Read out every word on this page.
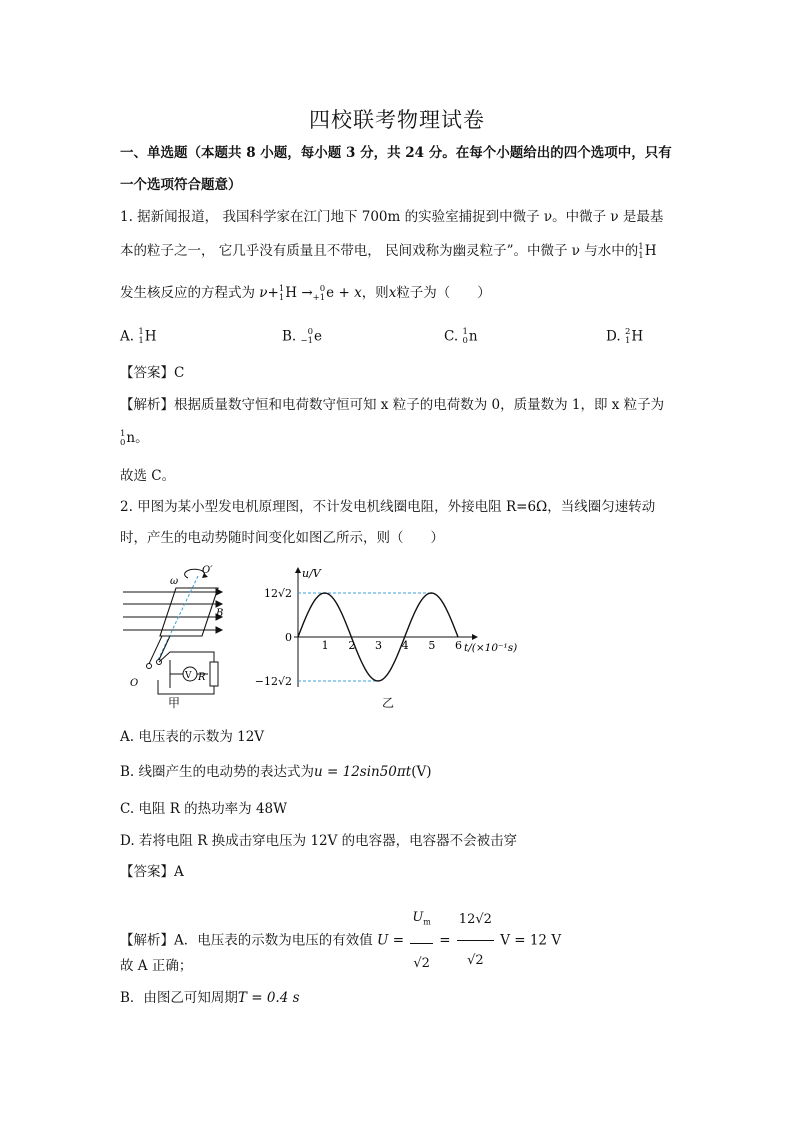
四校联考物理试卷
一、单选题（本题共 8 小题，每小题 3 分，共 24 分。在每个小题给出的四个选项中，只有
一个选项符合题意）
1. 据新闻报道， 我国科学家在江门地下 700m 的实验室捕捉到中微子 ν。中微子 ν 是最基
本的粒子之一， 它几乎没有质量且不带电， 民间戏称为幽灵粒子”。中微子 ν 与水中的 1
1 H
发生核反应的方程式为 ν+ 1
1 H → 0
+1 e + x，则x粒子为（　　）
A. 1
1 H	B.	0
−1 e	C. 1
0 n	D. 2
1 H
【答案】C
【解析】根据质量数守恒和电荷数守恒可知 x 粒子的电荷数为 0，质量数为 1，即 x 粒子为
1
0 n。
故选 C。
2. 甲图为某小型发电机原理图，不计发电机线圈电阻，外接电阻 R=6Ω，当线圈匀速转动
时，产生的电动势随时间变化如图乙所示，则（　　）
V R
ω
O′
B
O
甲
1 2 3 4 5 6
12√2
0
−12√2
u/V
t/(×10⁻¹s)
乙
A. 电压表的示数为 12V
B. 线圈产生的电动势的表达式为u = 12sin50πt(V)
C. 电阻 R 的热功率为 48W
D. 若将电阻 R 换成击穿电压为 12V 的电容器，电容器不会被击穿
【答案】A
【解析】A．电压表的示数为电压的有效值 $U = \frac{U_m}{√2} = \frac{12√2}{√2}$ V = 12 V
故 A 正确；
B．由图乙可知周期T = 0.4 s
